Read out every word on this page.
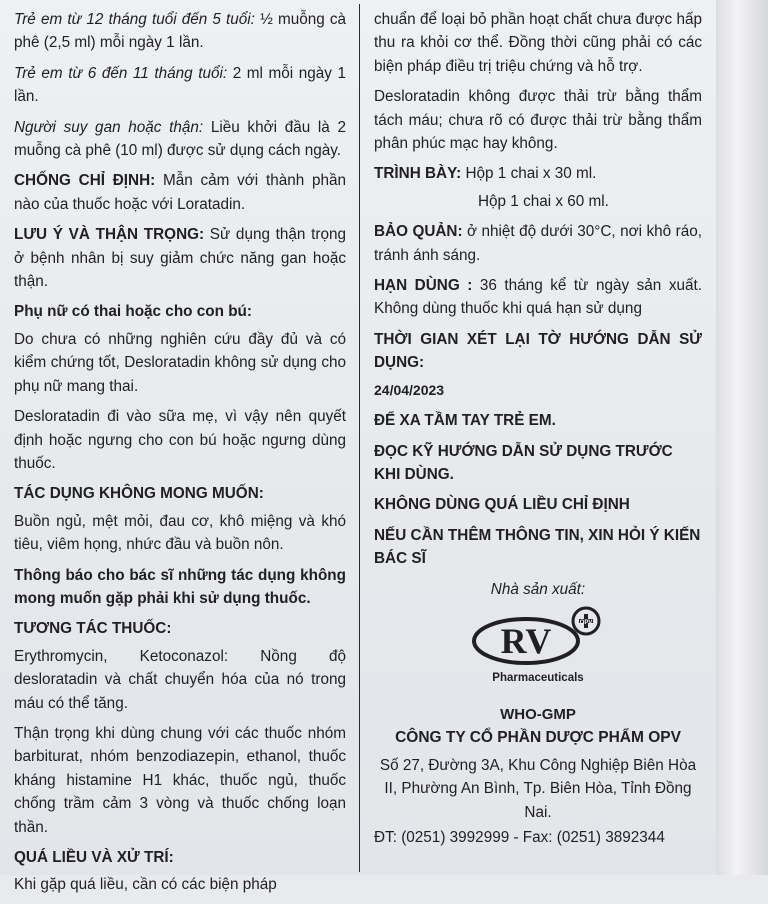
Trẻ em từ 12 tháng tuổi đến 5 tuổi: ½ muỗng cà phê (2,5 ml) mỗi ngày 1 lần.

Trẻ em từ 6 đến 11 tháng tuổi: 2 ml mỗi ngày 1 lần.

Người suy gan hoặc thận: Liều khởi đầu là 2 muỗng cà phê (10 ml) được sử dụng cách ngày.

CHỐNG CHỈ ĐỊNH: Mẫn cảm với thành phần nào của thuốc hoặc với Loratadin.

LƯU Ý VÀ THẬN TRỌNG: Sử dụng thận trọng ở bệnh nhân bị suy giảm chức năng gan hoặc thận.

Phụ nữ có thai hoặc cho con bú:

Do chưa có những nghiên cứu đầy đủ và có kiểm chứng tốt, Desloratadin không sử dụng cho phụ nữ mang thai.

Desloratadin đi vào sữa mẹ, vì vậy nên quyết định hoặc ngưng cho con bú hoặc ngưng dùng thuốc.

TÁC DỤNG KHÔNG MONG MUỐN:

Buồn ngủ, mệt mỏi, đau cơ, khô miệng và khó tiêu, viêm họng, nhức đầu và buồn nôn.

Thông báo cho bác sĩ những tác dụng không mong muốn gặp phải khi sử dụng thuốc.

TƯƠNG TÁC THUỐC:

Erythromycin, Ketoconazol: Nồng độ desloratadin và chất chuyển hóa của nó trong máu có thể tăng.

Thận trọng khi dùng chung với các thuốc nhóm barbiturat, nhóm benzodiazepin, ethanol, thuốc kháng histamine H1 khác, thuốc ngủ, thuốc chống trầm cảm 3 vòng và thuốc chống loạn thần.

QUÁ LIỀU VÀ XỬ TRÍ:

Khi gặp quá liều, cần có các biện pháp

chuẩn để loại bỏ phần hoạt chất chưa được hấp thu ra khỏi cơ thể. Đồng thời cũng phải có các biện pháp điều trị triệu chứng và hỗ trợ.

Desloratadin không được thải trừ bằng thẩm tách máu; chưa rõ có được thải trừ bằng thẩm phân phúc mạc hay không.

TRÌNH BÀY: Hộp 1 chai x 30 ml.

Hộp 1 chai x 60 ml.

BẢO QUẢN: ở nhiệt độ dưới 30°C, nơi khô ráo, tránh ánh sáng.

HẠN DÙNG : 36 tháng kể từ ngày sản xuất. Không dùng thuốc khi quá hạn sử dụng

THỜI GIAN XÉT LẠI TỜ HƯỚNG DẪN SỬ DỤNG:

24/04/2023

ĐỂ XA TẦM TAY TRẺ EM.

ĐỌC KỸ HƯỚNG DẪN SỬ DỤNG TRƯỚC KHI DÙNG.

KHÔNG DÙNG QUÁ LIỀU CHỈ ĐỊNH

NẾU CẦN THÊM THÔNG TIN, XIN HỎI Ý KIẾN BÁC SĨ

Nhà sản xuất:

RV	OPV

Pharmaceuticals

WHO-GMP

CÔNG TY CỔ PHẦN DƯỢC PHẨM OPV

Số 27, Đường 3A, Khu Công Nghiệp Biên Hòa II, Phường An Bình, Tp. Biên Hòa, Tỉnh Đồng Nai.

ĐT: (0251) 3992999 - Fax: (0251) 3892344
